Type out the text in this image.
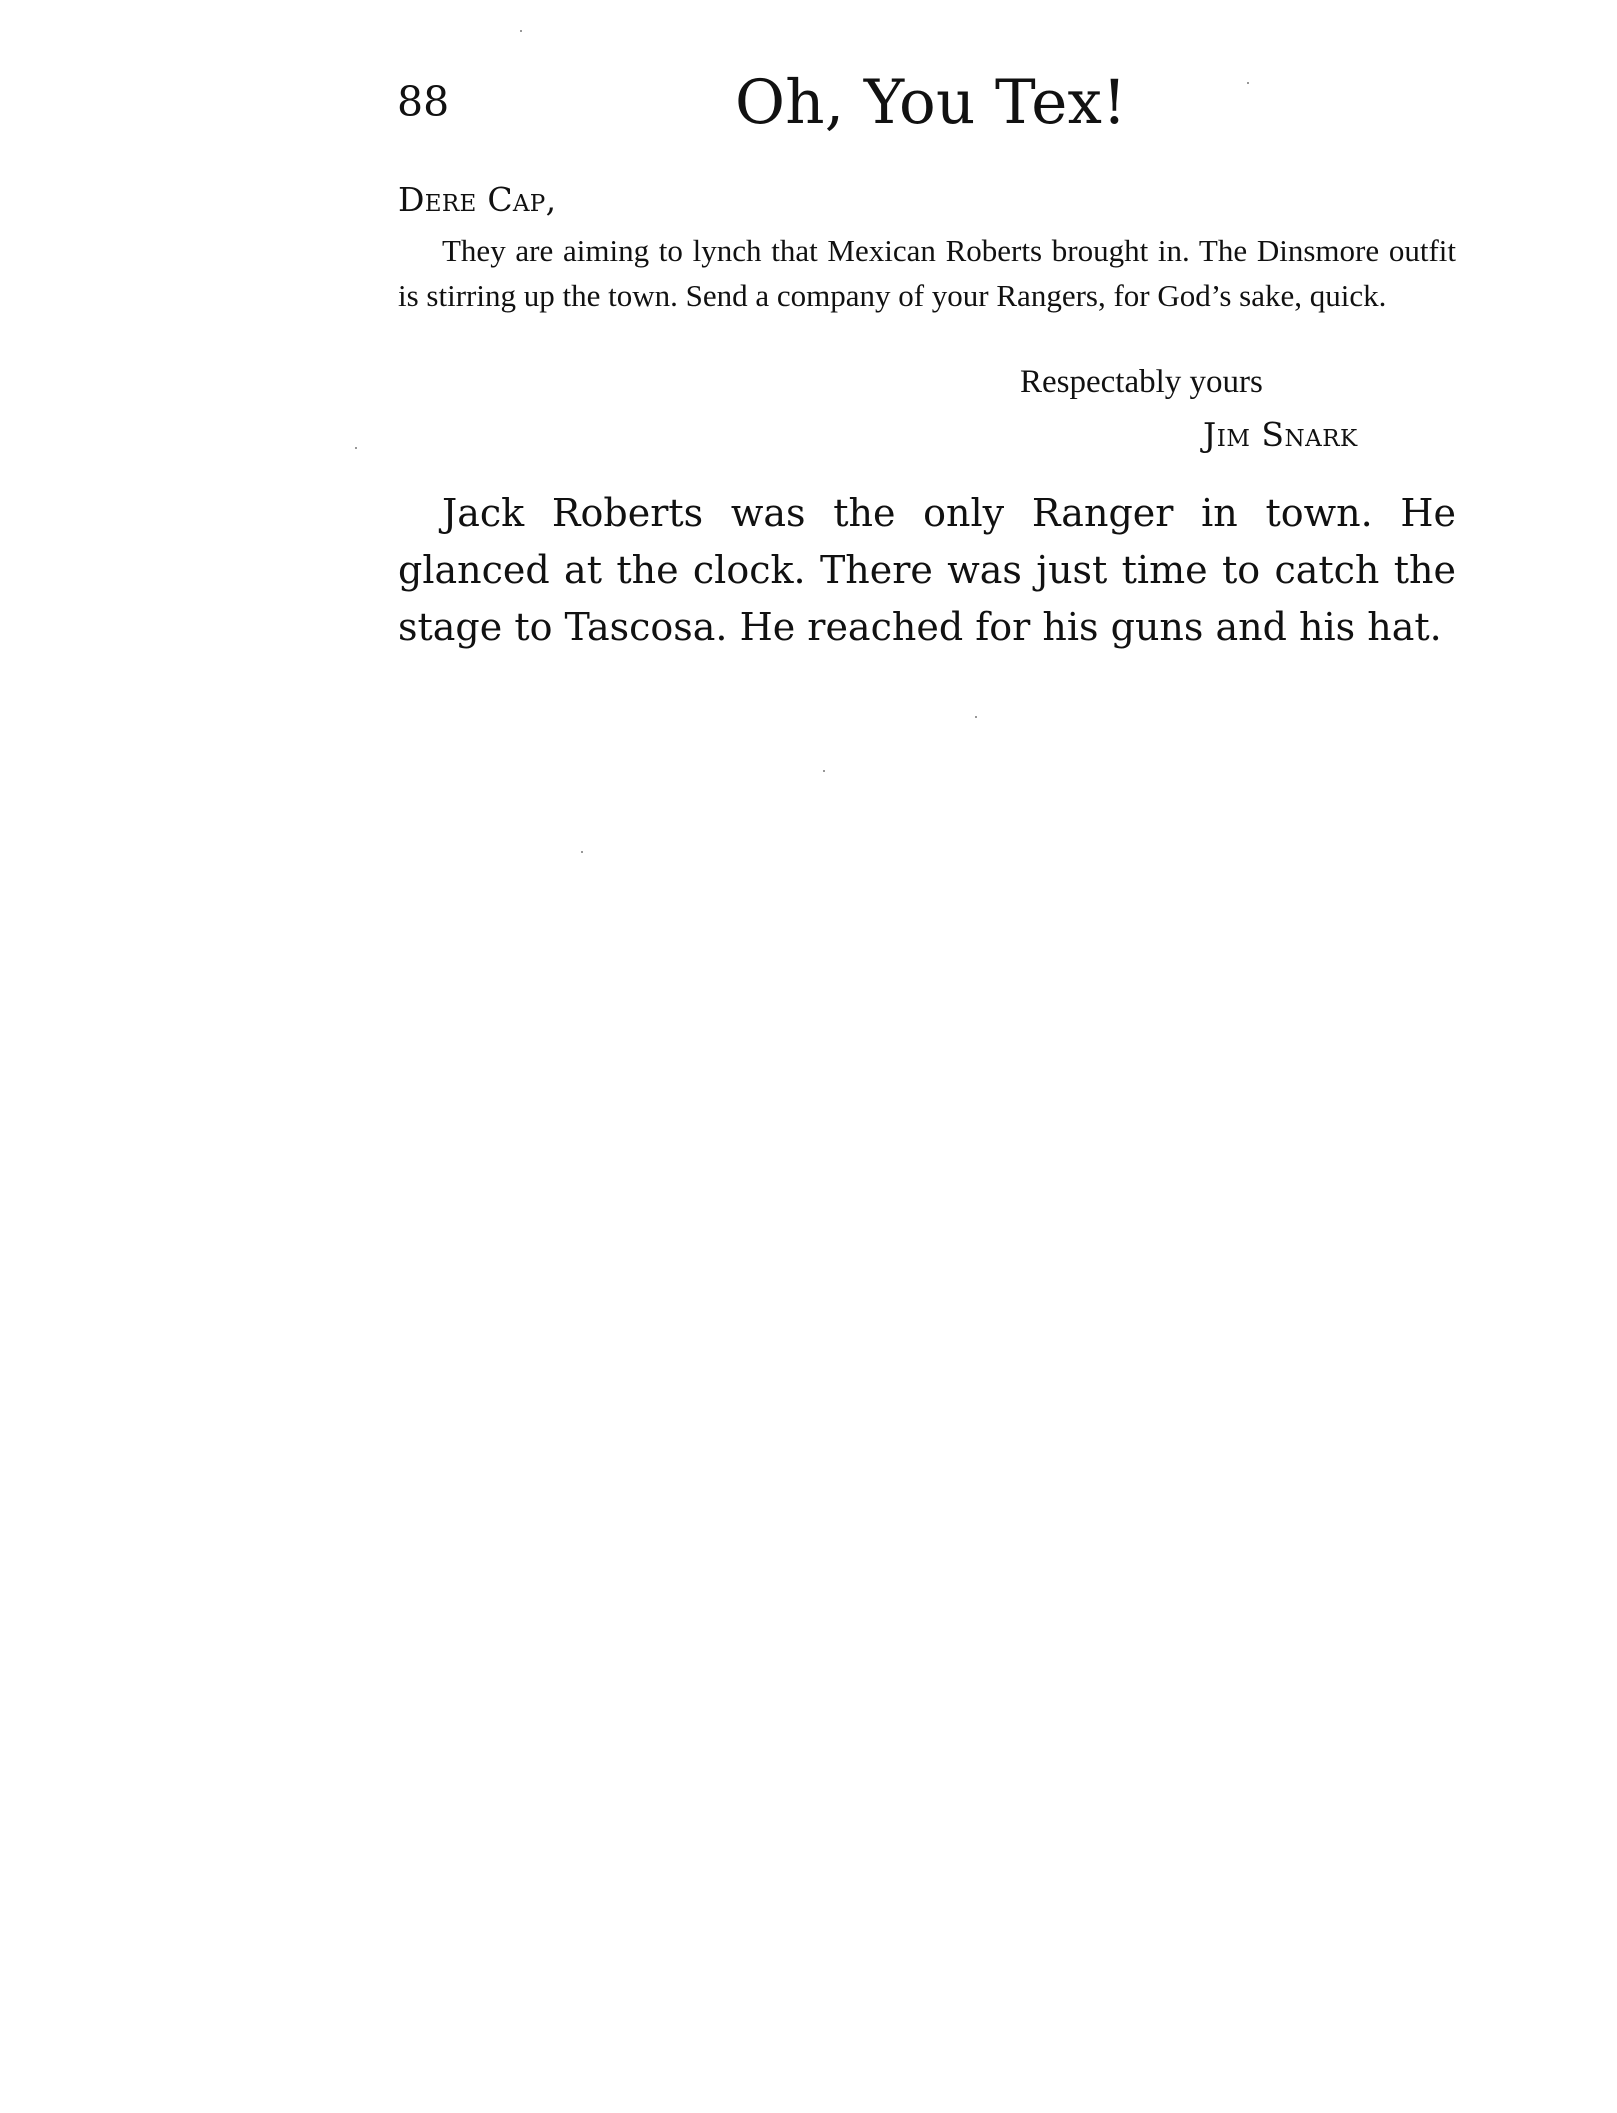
88	Oh, You Tex!
Dere Cap,

They are aiming to lynch that Mexican Roberts brought in. The Dinsmore outfit is stirring up the town. Send a company of your Rangers, for God’s sake, quick.

Respectably yours
Jim Snark

Jack Roberts was the only Ranger in town. He glanced at the clock. There was just time to catch the stage to Tascosa. He reached for his guns and his hat.
